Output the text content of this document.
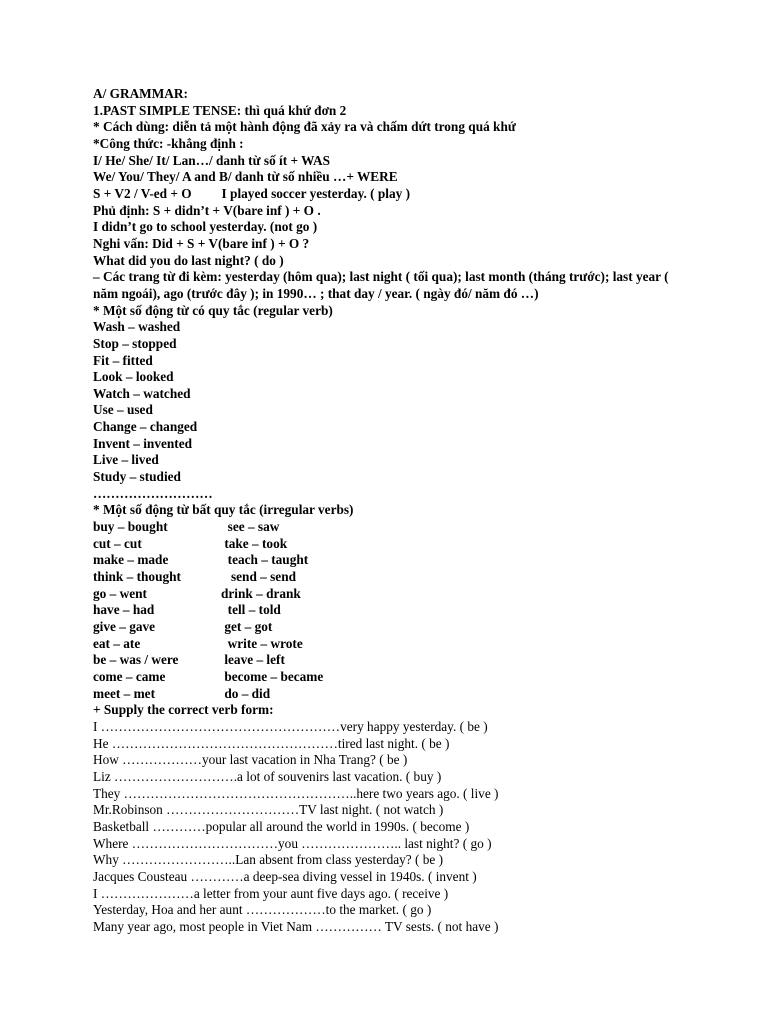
A/ GRAMMAR:
1.PAST SIMPLE TENSE: thì quá khứ đơn 2
* Cách dùng: diễn tả một hành động đã xảy ra và chấm dứt trong quá khứ
*Công thức: -khẳng định :
I/ He/ She/ It/ Lan…/ danh từ số ít + WAS
We/ You/ They/ A and B/ danh từ số nhiều …+ WERE
S + V2 / V-ed + O         I played soccer yesterday. ( play )
Phủ định: S + didn’t + V(bare inf ) + O .
I didn’t go to school yesterday. (not go )
Nghi vấn: Did + S + V(bare inf ) + O ?
What did you do last night? ( do )
– Các trang từ đi kèm: yesterday (hôm qua); last night ( tối qua); last month (tháng trước); last year ( năm ngoái), ago (trước đây ); in 1990… ; that day / year. ( ngày đó/ năm đó …)
* Một số động từ có quy tắc (regular verb)
Wash – washed
Stop – stopped
Fit – fitted
Look – looked
Watch – watched
Use – used
Change – changed
Invent – invented
Live – lived
Study – studied
………………………
* Một số động từ bất quy tắc (irregular verbs)
buy – bought	see – saw
cut – cut	take – took
make – made	teach – taught
think – thought	send – send
go – went	drink – drank
have – had	tell – told
give – gave	get – got
eat – ate	write – wrote
be – was / were	leave – left
come – came	become – became
meet – met	do – did
+ Supply the correct verb form:
I ………………………………………………very happy yesterday. ( be )
He ……………………………………………tired last night. ( be )
How ………………your last vacation in Nha Trang? ( be )
Liz ……………………….a lot of souvenirs last vacation. ( buy )
They ……………………………………………..here two years ago. ( live )
Mr.Robinson …………………………TV last night. ( not watch )
Basketball …………popular all around the world in 1990s. ( become )
Where ……………………………you ………………….. last night? ( go )
Why ……………………..Lan absent from class yesterday? ( be )
Jacques Cousteau …………a deep-sea diving vessel in 1940s. ( invent )
I …………………a letter from your aunt five days ago. ( receive )
Yesterday, Hoa and her aunt ………………to the market. ( go )
Many year ago, most people in Viet Nam …………… TV sests. ( not have )
